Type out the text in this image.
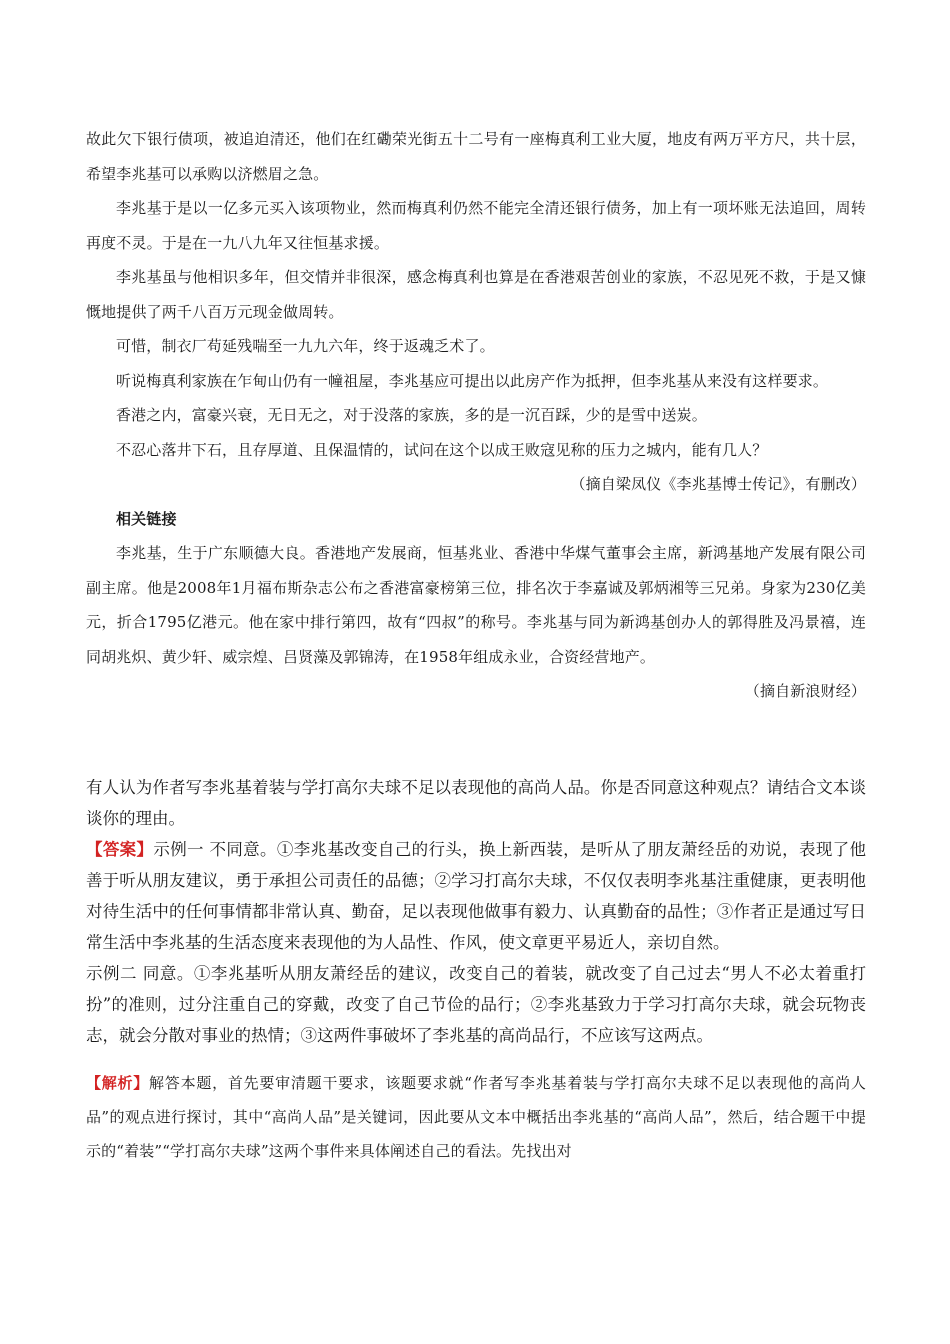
故此欠下银行债项，被追迫清还，他们在红磡荣光街五十二号有一座梅真利工业大厦，地皮有两万平方尺，共十层，希望李兆基可以承购以济燃眉之急。

李兆基于是以一亿多元买入该项物业，然而梅真利仍然不能完全清还银行债务，加上有一项坏账无法追回，周转再度不灵。于是在一九八九年又往恒基求援。

李兆基虽与他相识多年，但交情并非很深，感念梅真利也算是在香港艰苦创业的家族，不忍见死不救，于是又慷慨地提供了两千八百万元现金做周转。

可惜，制衣厂苟延残喘至一九九六年，终于返魂乏术了。

听说梅真利家族在乍甸山仍有一幢祖屋，李兆基应可提出以此房产作为抵押，但李兆基从来没有这样要求。

香港之内，富豪兴衰，无日无之，对于没落的家族，多的是一沉百踩，少的是雪中送炭。

不忍心落井下石，且存厚道、且保温情的，试问在这个以成王败寇见称的压力之城内，能有几人？

（摘自梁凤仪《李兆基博士传记》，有删改）

相关链接

李兆基，生于广东顺德大良。香港地产发展商，恒基兆业、香港中华煤气董事会主席，新鸿基地产发展有限公司副主席。他是2008年1月福布斯杂志公布之香港富豪榜第三位，排名次于李嘉诚及郭炳湘等三兄弟。身家为230亿美元，折合1795亿港元。他在家中排行第四，故有“四叔”的称号。李兆基与同为新鸿基创办人的郭得胜及冯景禧，连同胡兆炽、黄少轩、威宗煌、吕贤藻及郭锦涛，在1958年组成永业，合资经营地产。

（摘自新浪财经）

有人认为作者写李兆基着装与学打高尔夫球不足以表现他的高尚人品。你是否同意这种观点？请结合文本谈谈你的理由。

【答案】示例一 不同意。①李兆基改变自己的行头，换上新西装，是听从了朋友萧经岳的劝说，表现了他善于听从朋友建议，勇于承担公司责任的品德；②学习打高尔夫球，不仅仅表明李兆基注重健康，更表明他对待生活中的任何事情都非常认真、勤奋，足以表现他做事有毅力、认真勤奋的品性；③作者正是通过写日常生活中李兆基的生活态度来表现他的为人品性、作风，使文章更平易近人，亲切自然。

示例二 同意。①李兆基听从朋友萧经岳的建议，改变自己的着装，就改变了自己过去“男人不必太着重打扮”的准则，过分注重自己的穿戴，改变了自己节俭的品行；②李兆基致力于学习打高尔夫球，就会玩物丧志，就会分散对事业的热情；③这两件事破坏了李兆基的高尚品行，不应该写这两点。

【解析】解答本题，首先要审清题干要求，该题要求就“作者写李兆基着装与学打高尔夫球不足以表现他的高尚人品”的观点进行探讨，其中“高尚人品”是关键词，因此要从文本中概括出李兆基的“高尚人品”，然后，结合题干中提示的“着装”“学打高尔夫球”这两个事件来具体阐述自己的看法。先找出对
